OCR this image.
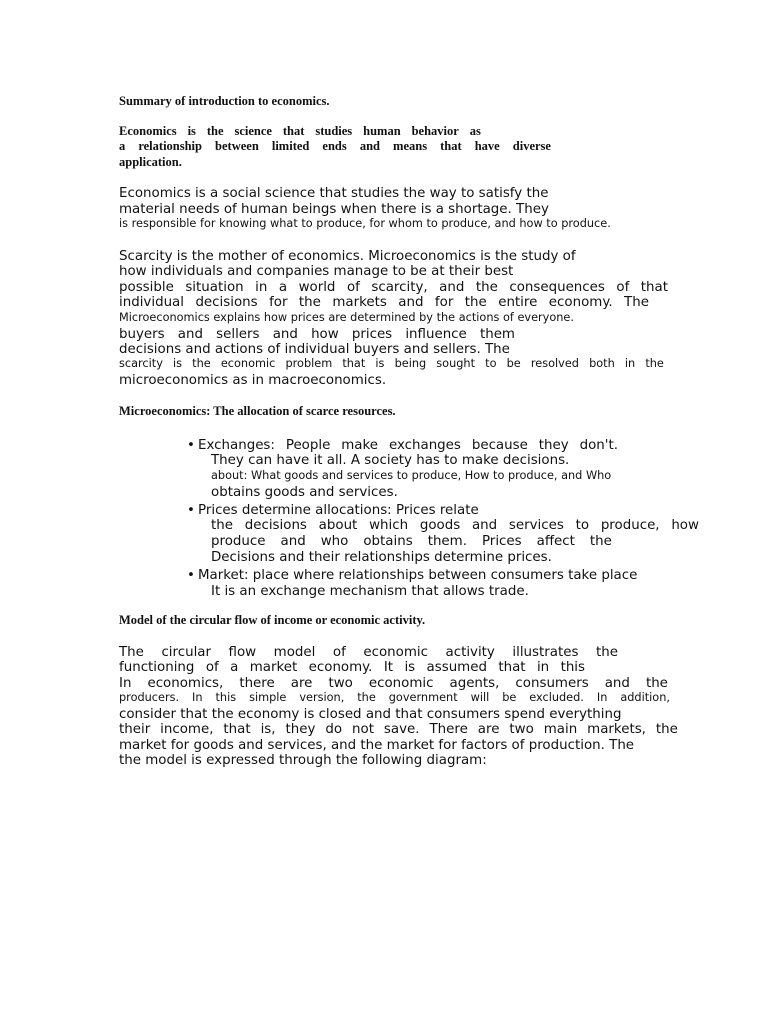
Summary of introduction to economics.
Economics is the science that studies human behavior as
a relationship between limited ends and means that have diverse
application.
Economics is a social science that studies the way to satisfy the
material needs of human beings when there is a shortage. They
is responsible for knowing what to produce, for whom to produce, and how to produce.
Scarcity is the mother of economics. Microeconomics is the study of
how individuals and companies manage to be at their best
possible situation in a world of scarcity, and the consequences of that
individual decisions for the markets and for the entire economy. The
Microeconomics explains how prices are determined by the actions of everyone.
buyers and sellers and how prices influence them
decisions and actions of individual buyers and sellers. The
scarcity is the economic problem that is being sought to be resolved both in the
microeconomics as in macroeconomics.
Microeconomics: The allocation of scarce resources.
• Exchanges: People make exchanges because they don't.
They can have it all. A society has to make decisions.
about: What goods and services to produce, How to produce, and Who
obtains goods and services.
• Prices determine allocations: Prices relate
the decisions about which goods and services to produce, how
produce and who obtains them. Prices affect the
Decisions and their relationships determine prices.
• Market: place where relationships between consumers take place
It is an exchange mechanism that allows trade.
Model of the circular flow of income or economic activity.
The circular flow model of economic activity illustrates the
functioning of a market economy. It is assumed that in this
In economics, there are two economic agents, consumers and the
producers. In this simple version, the government will be excluded. In addition,
consider that the economy is closed and that consumers spend everything
their income, that is, they do not save. There are two main markets, the
market for goods and services, and the market for factors of production. The
the model is expressed through the following diagram:
